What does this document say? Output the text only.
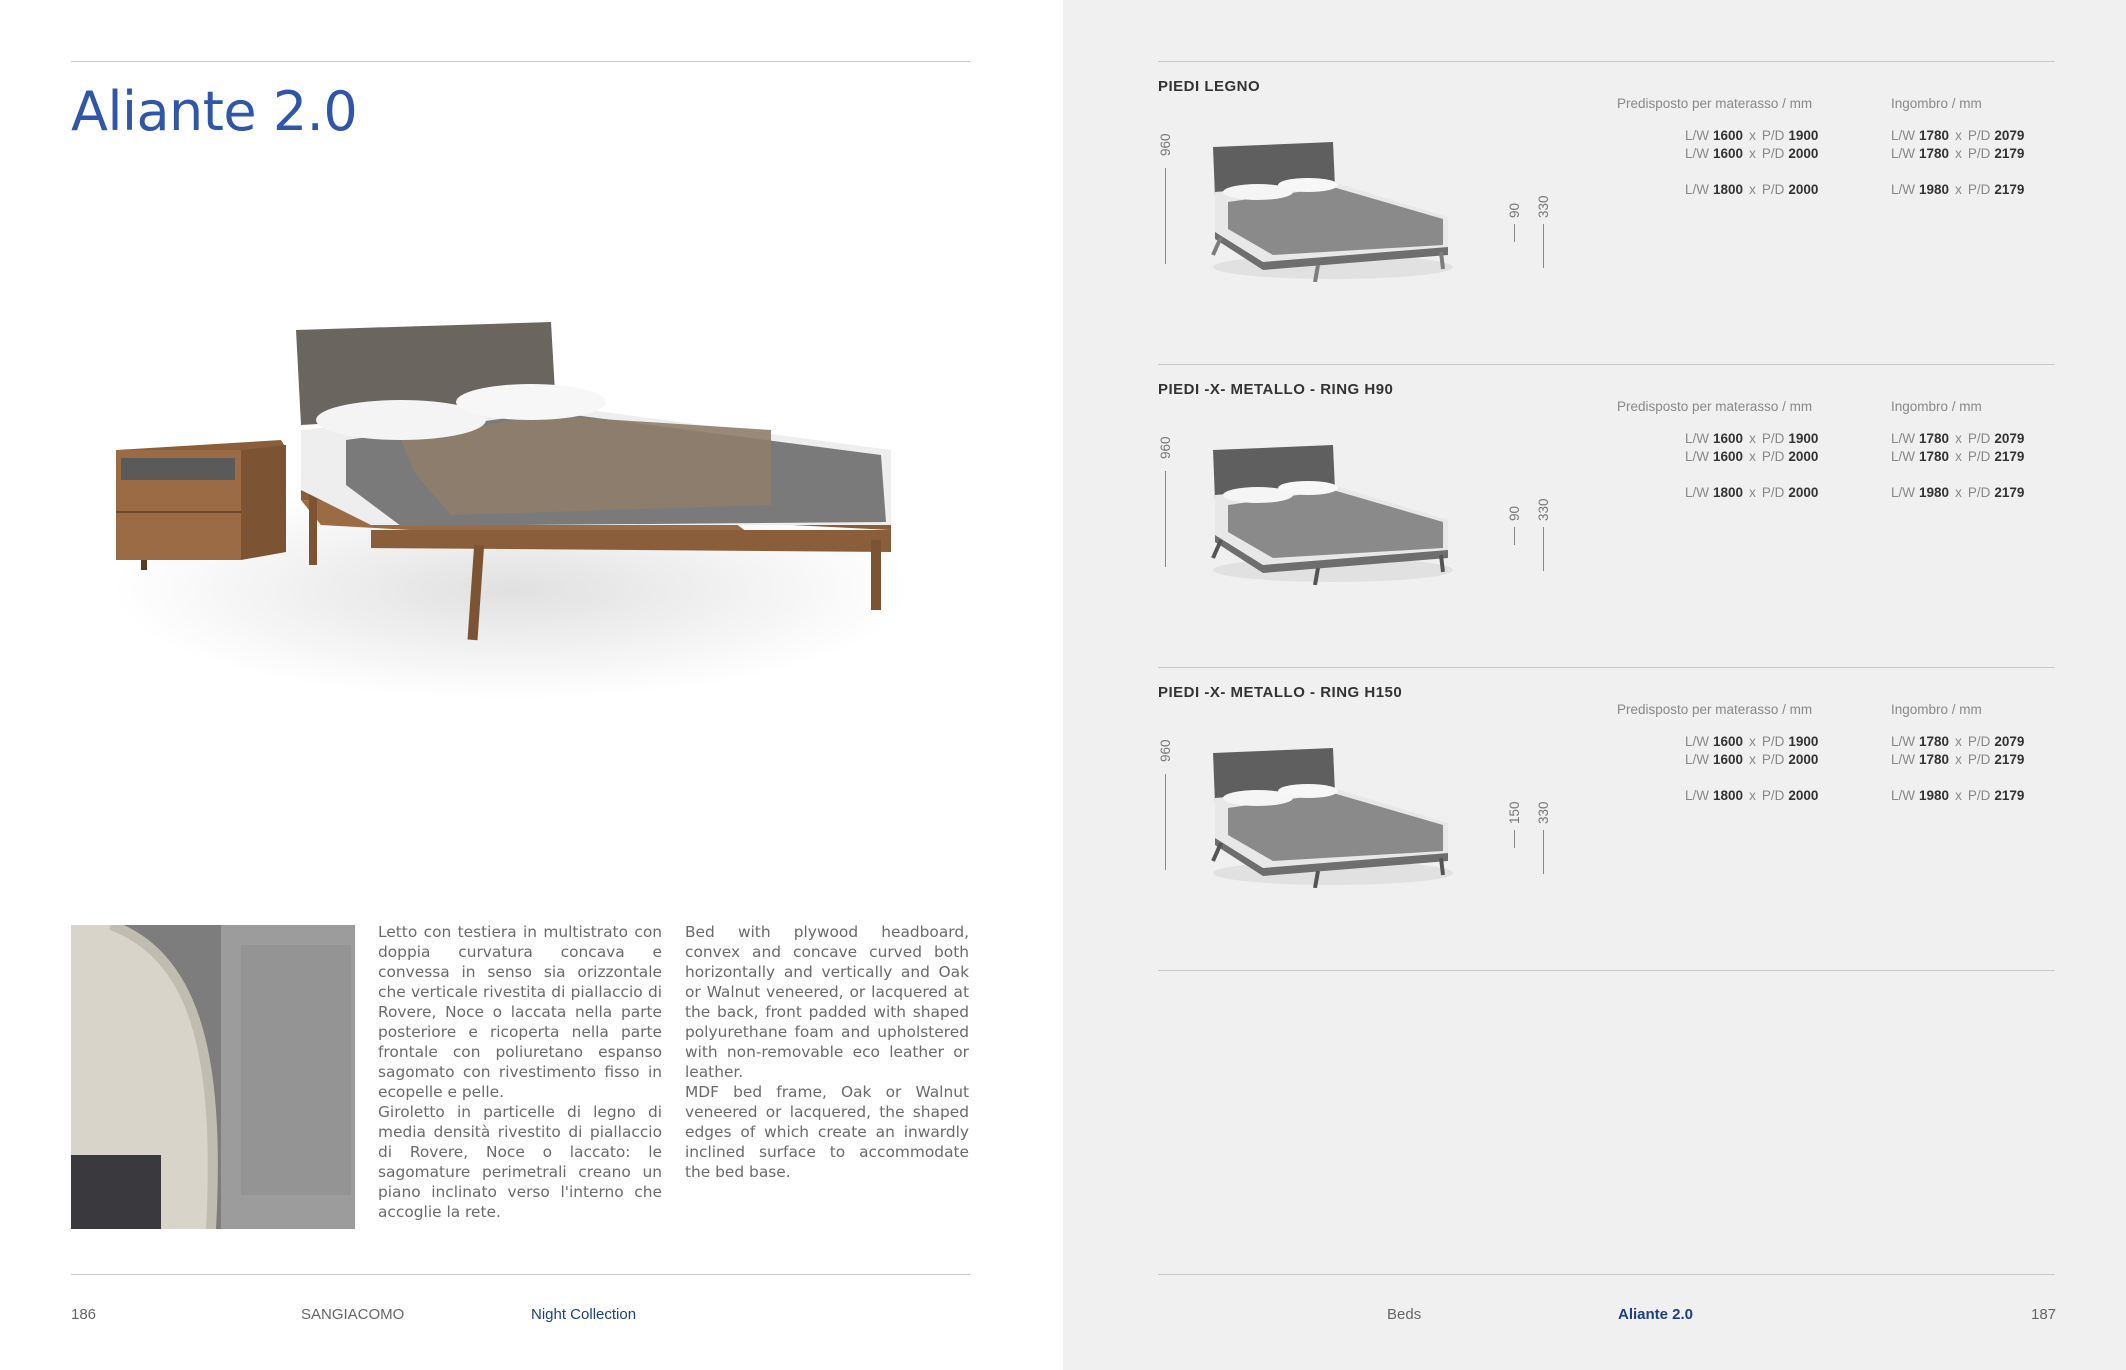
Aliante 2.0

Letto con testiera in multistrato con doppia curvatura concava e convessa in senso sia orizzontale che verticale rivestita di piallaccio di Rovere, Noce o laccata nella parte posteriore e ricoperta nella parte frontale con poliuretano espanso sagomato con rivestimento fisso in ecopelle e pelle.

Giroletto in particelle di legno di media densità rivestito di piallaccio di Rovere, Noce o laccato: le sagomature perimetrali creano un piano inclinato verso l'interno che accoglie la rete.

Bed with plywood headboard, convex and concave curved both horizontally and vertically and Oak or Walnut veneered, or lacquered at the back, front padded with shaped polyurethane foam and upholstered with non-removable eco leather or leather.

MDF bed frame, Oak or Walnut veneered or lacquered, the shaped edges of which create an inwardly inclined surface to accommodate the bed base.

186	SANGIACOMO	Night Collection	Beds	Aliante 2.0	187
PIEDI LEGNO
Predisposto per materasso / mm	Ingombro / mm
960
90 330
L/W 1600 x P/D 1900	L/W 1780 x P/D 2079
L/W 1600 x P/D 2000	L/W 1780 x P/D 2179
L/W 1800 x P/D 2000	L/W 1980 x P/D 2179
PIEDI -X- METALLO - RING H90
Predisposto per materasso / mm	Ingombro / mm
960
90 330
L/W 1600 x P/D 1900	L/W 1780 x P/D 2079
L/W 1600 x P/D 2000	L/W 1780 x P/D 2179
L/W 1800 x P/D 2000	L/W 1980 x P/D 2179
PIEDI -X- METALLO - RING H150
Predisposto per materasso / mm	Ingombro / mm
960
150 330
L/W 1600 x P/D 1900	L/W 1780 x P/D 2079
L/W 1600 x P/D 2000	L/W 1780 x P/D 2179
L/W 1800 x P/D 2000	L/W 1980 x P/D 2179
